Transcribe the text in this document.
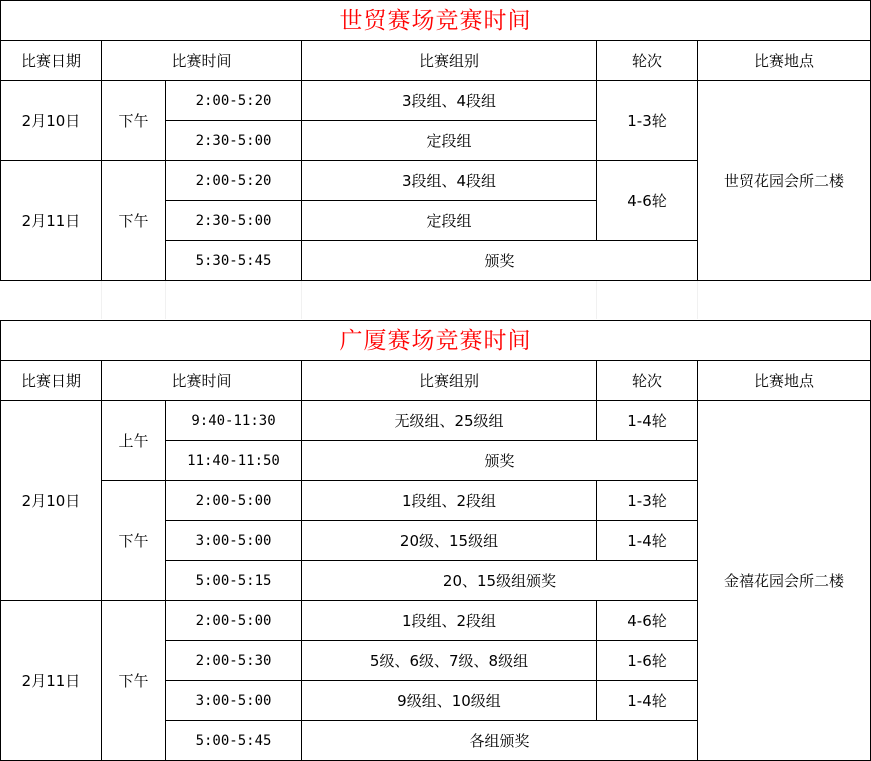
世贸赛场竞赛时间					
比赛日期	比赛时间		比赛组别	轮次	比赛地点
2月10日	下午	2:00-5:20	3段组、4段组	1-3轮	世贸花园会所二楼
		2:30-5:00	定段组		
2月11日	下午	2:00-5:20	3段组、4段组	4-6轮	
		2:30-5:00	定段组		
		5:30-5:45	颁奖		
广厦赛场竞赛时间					
比赛日期	比赛时间		比赛组别	轮次	比赛地点
2月10日	上午	9:40-11:30	无级组、25级组	1-4轮	金禧花园会所二楼
		11:40-11:50	颁奖		
	下午	2:00-5:00	1段组、2段组	1-3轮	
		3:00-5:00	20级、15级组	1-4轮	
		5:00-5:15	20、15级组颁奖		
2月11日	下午	2:00-5:00	1段组、2段组	4-6轮	
		2:00-5:30	5级、6级、7级、8级组	1-6轮	
		3:00-5:00	9级组、10级组	1-4轮	
		5:00-5:45	各组颁奖		
